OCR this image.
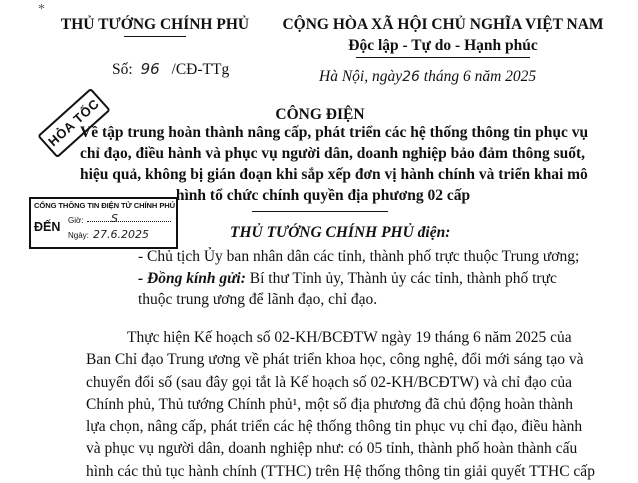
*
THỦ TƯỚNG CHÍNH PHỦ
Số: 96 /CĐ-TTg
CỘNG HÒA XÃ HỘI CHỦ NGHĨA VIỆT NAM
Độc lập - Tự do - Hạnh phúc
Hà Nội, ngày26 tháng 6 năm 2025
HỎA TỐC	CÔNG ĐIỆN
Về tập trung hoàn thành nâng cấp, phát triển các hệ thống thông tin phục vụ
chỉ đạo, điều hành và phục vụ người dân, doanh nghiệp bảo đảm thông suốt,
hiệu quả, không bị gián đoạn khi sắp xếp đơn vị hành chính và triển khai mô
hình tổ chức chính quyền địa phương 02 cấp
CỔNG THÔNG TIN ĐIỆN TỬ CHÍNH PHỦ
ĐẾN Giờ:	S
Ngày: 27.6.2025	THỦ TƯỚNG CHÍNH PHỦ điện:
- Chủ tịch Ủy ban nhân dân các tỉnh, thành phố trực thuộc Trung ương;
- Đồng kính gửi: Bí thư Tỉnh ủy, Thành ủy các tỉnh, thành phố trực
thuộc trung ương để lãnh đạo, chỉ đạo.
Thực hiện Kế hoạch số 02-KH/BCĐTW ngày 19 tháng 6 năm 2025 của
Ban Chỉ đạo Trung ương về phát triển khoa học, công nghệ, đổi mới sáng tạo và
chuyển đổi số (sau đây gọi tắt là Kế hoạch số 02-KH/BCĐTW) và chỉ đạo của
Chính phủ, Thủ tướng Chính phủ¹, một số địa phương đã chủ động hoàn thành
lựa chọn, nâng cấp, phát triển các hệ thống thông tin phục vụ chỉ đạo, điều hành
và phục vụ người dân, doanh nghiệp như: có 05 tỉnh, thành phố hoàn thành cấu
hình các thủ tục hành chính (TTHC) trên Hệ thống thông tin giải quyết TTHC cấp
